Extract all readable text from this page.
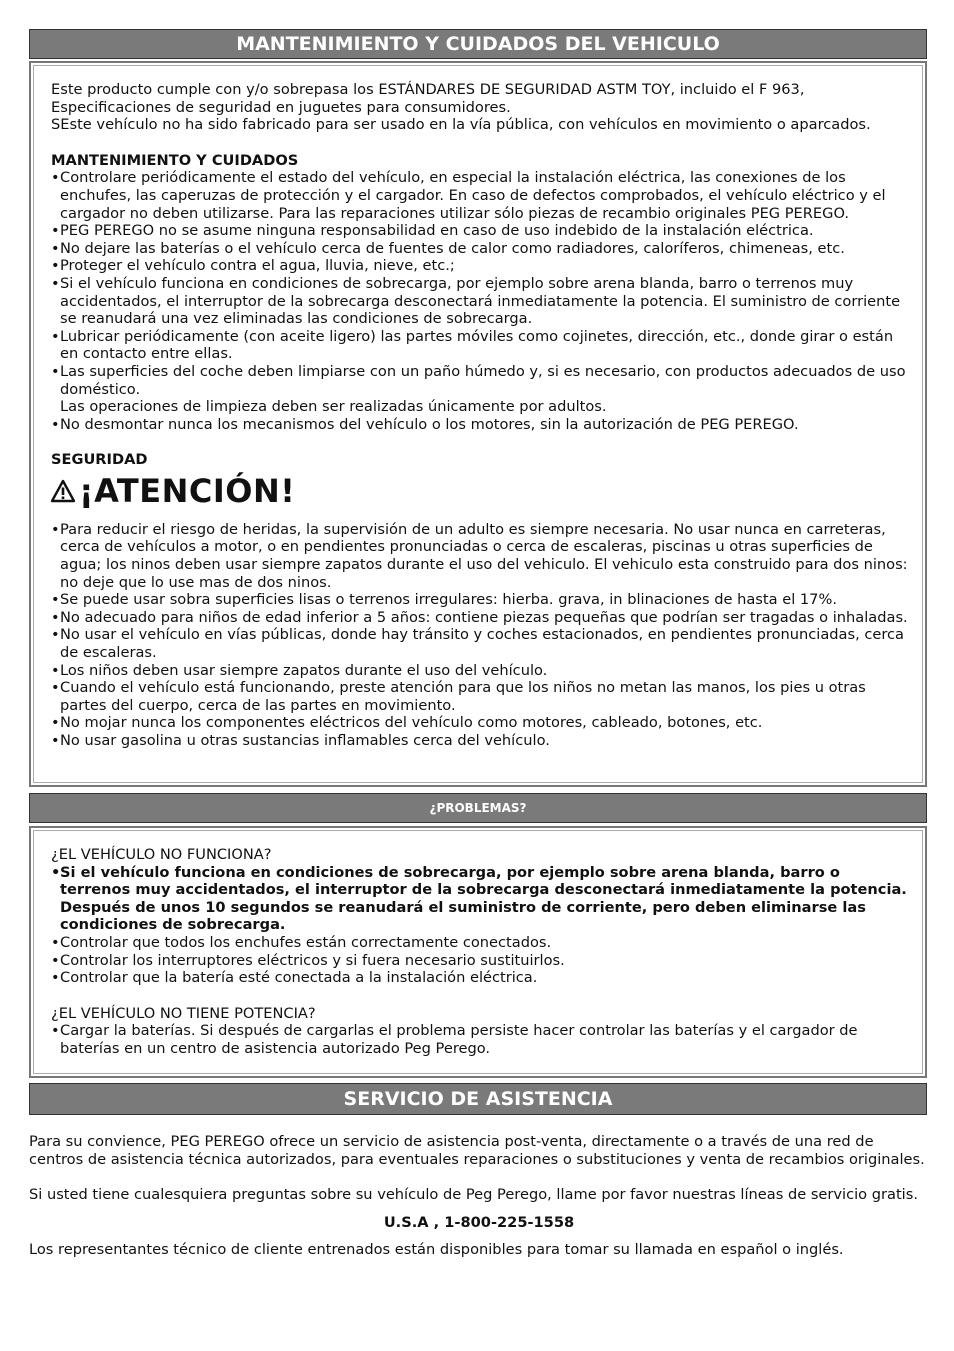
MANTENIMIENTO Y CUIDADOS DEL VEHICULO

Este producto cumple con y/o sobrepasa los ESTÁNDARES DE SEGURIDAD ASTM TOY, incluido el F 963, Especificaciones de seguridad en juguetes para consumidores.

SEste vehículo no ha sido fabricado para ser usado en la vía pública, con vehículos en movimiento o aparcados.

MANTENIMIENTO Y CUIDADOS

• Controlare periódicamente el estado del vehículo, en especial la instalación eléctrica, las conexiones de los enchufes, las caperuzas de protección y el cargador. En caso de defectos comprobados, el vehículo eléctrico y el cargador no deben utilizarse. Para las reparaciones utilizar sólo piezas de recambio originales PEG PEREGO.
• PEG PEREGO no se asume ninguna responsabilidad en caso de uso indebido de la instalación eléctrica.
• No dejare las baterías o el vehículo cerca de fuentes de calor como radiadores, caloríferos, chimeneas, etc.
• Proteger el vehículo contra el agua, lluvia, nieve, etc.;
• Si el vehículo funciona en condiciones de sobrecarga, por ejemplo sobre arena blanda, barro o terrenos muy accidentados, el interruptor de la sobrecarga desconectará inmediatamente la potencia. El suministro de corriente se reanudará una vez eliminadas las condiciones de sobrecarga.
• Lubricar periódicamente (con aceite ligero) las partes móviles como cojinetes, dirección, etc., donde girar o están en contacto entre ellas.
• Las superficies del coche deben limpiarse con un paño húmedo y, si es necesario, con productos adecuados de uso doméstico.
Las operaciones de limpieza deben ser realizadas únicamente por adultos.
• No desmontar nunca los mecanismos del vehículo o los motores, sin la autorización de PEG PEREGO.

SEGURIDAD

¡ATENCIÓN!
• Para reducir el riesgo de heridas, la supervisión de un adulto es siempre necesaria. No usar nunca en carreteras, cerca de vehículos a motor, o en pendientes pronunciadas o cerca de escaleras, piscinas u otras superficies de agua; los ninos deben usar siempre zapatos durante el uso del vehiculo. El vehiculo esta construido para dos ninos: no deje que lo use mas de dos ninos.
• Se puede usar sobra superficies lisas o terrenos irregulares: hierba. grava, in blinaciones de hasta el 17%.
• No adecuado para niños de edad inferior a 5 años: contiene piezas pequeñas que podrían ser tragadas o inhaladas.
• No usar el vehículo en vías públicas, donde hay tránsito y coches estacionados, en pendientes pronunciadas, cerca de escaleras.
• Los niños deben usar siempre zapatos durante el uso del vehículo.
• Cuando el vehículo está funcionando, preste atención para que los niños no metan las manos, los pies u otras partes del cuerpo, cerca de las partes en movimiento.
• No mojar nunca los componentes eléctricos del vehículo como motores, cableado, botones, etc.
• No usar gasolina u otras sustancias inflamables cerca del vehículo.
¿PROBLEMAS?

¿EL VEHÍCULO NO FUNCIONA?

• Si el vehículo funciona en condiciones de sobrecarga, por ejemplo sobre arena blanda, barro o terrenos muy accidentados, el interruptor de la sobrecarga desconectará inmediatamente la potencia. Después de unos 10 segundos se reanudará el suministro de corriente, pero deben eliminarse las condiciones de sobrecarga.
• Controlar que todos los enchufes están correctamente conectados.
• Controlar los interruptores eléctricos y si fuera necesario sustituirlos.
• Controlar que la batería esté conectada a la instalación eléctrica.

¿EL VEHÍCULO NO TIENE POTENCIA?

• Cargar la baterías. Si después de cargarlas el problema persiste hacer controlar las baterías y el cargador de baterías en un centro de asistencia autorizado Peg Perego.
SERVICIO DE ASISTENCIA

Para su convience, PEG PEREGO ofrece un servicio de asistencia post-venta, directamente o a través de una red de centros de asistencia técnica autorizados, para eventuales reparaciones o substituciones y venta de recambios originales.

Si usted tiene cualesquiera preguntas sobre su vehículo de Peg Perego, llame por favor nuestras líneas de servicio gratis.

U.S.A , 1-800-225-1558

Los representantes técnico de cliente entrenados están disponibles para tomar su llamada en español o inglés.
